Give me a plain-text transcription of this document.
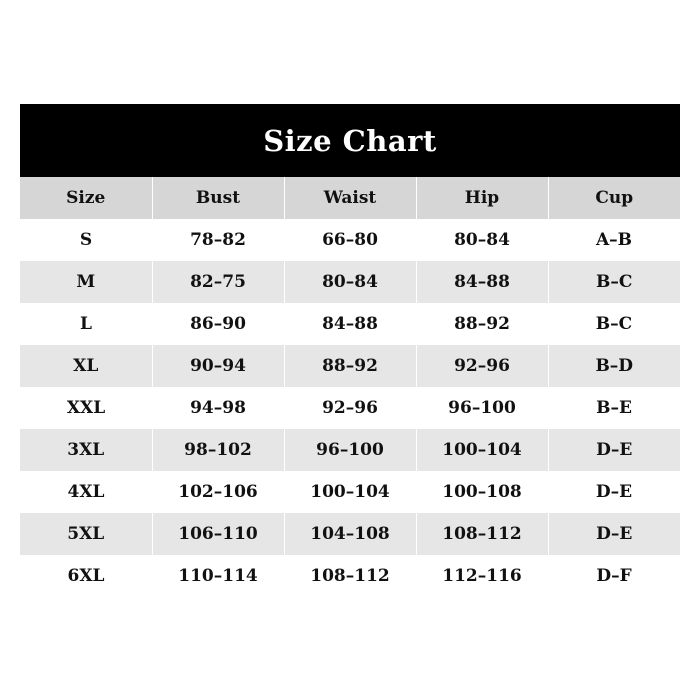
Size Chart
Size	Bust	Waist	Hip	Cup
S	78–82	66–80	80–84	A–B
M	82–75	80–84	84–88	B–C
L	86–90	84–88	88–92	B–C
XL	90–94	88–92	92–96	B–D
XXL	94–98	92–96	96–100	B–E
3XL	98–102	96–100	100–104	D–E
4XL	102–106	100–104	100–108	D–E
5XL	106–110	104–108	108–112	D–E
6XL	110–114	108–112	112–116	D–F
